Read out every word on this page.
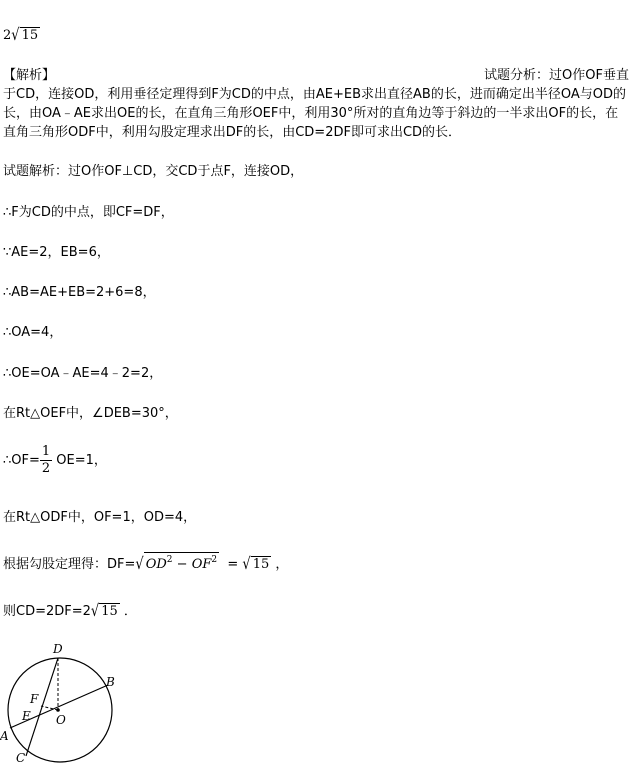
2√ 15
【解析】	试题分析：过O作OF垂直
于CD，连接OD，利用垂径定理得到F为CD的中点，由AE+EB求出直径AB的长，进而确定出半径OA与OD的长，由OA﹣AE求出OE的长，在直角三角形OEF中，利用30°所对的直角边等于斜边的一半求出OF的长，在直角三角形ODF中，利用勾股定理求出DF的长，由CD=2DF即可求出CD的长．
试题解析：过O作OF⊥CD，交CD于点F，连接OD，
∴F为CD的中点，即CF=DF，
∵AE=2，EB=6，
∴AB=AE+EB=2+6=8，
∴OA=4，
∴OE=OA﹣AE=4﹣2=2，
在Rt△OEF中，∠DEB=30°，
∴OF= $\frac{1}{2} OE=1$，
在Rt△ODF中，OF=1，OD=4，
根据勾股定理得：DF=√ $OD^2 - OF^2$ = √ 15 ，
则CD=2DF=2√ 15 ．
D
B
F
E O
A
C
